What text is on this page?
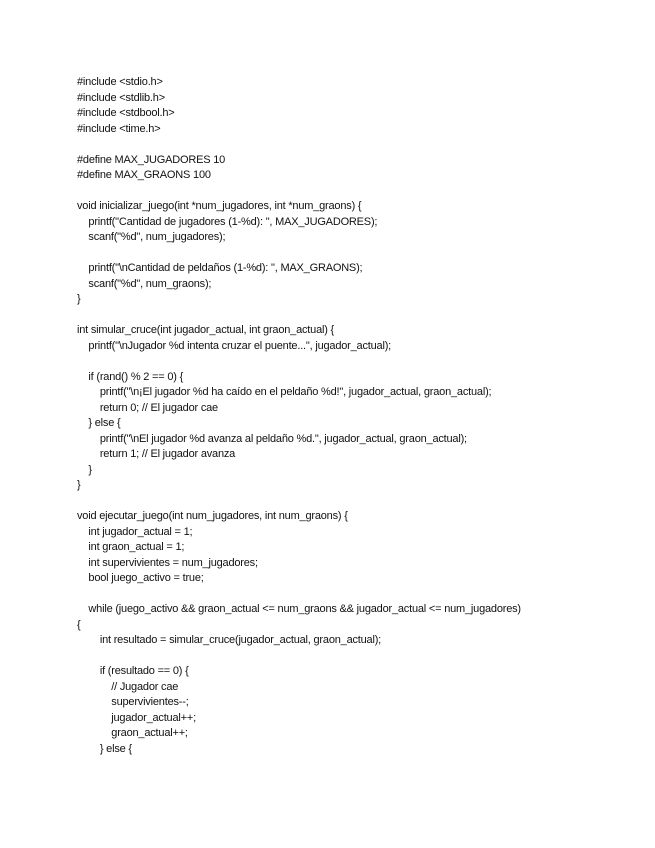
#include <stdio.h>
#include <stdlib.h>
#include <stdbool.h>
#include <time.h>
#define MAX_JUGADORES 10
#define MAX_GRAONS 100
void inicializar_juego(int *num_jugadores, int *num_graons) {
printf("Cantidad de jugadores (1-%d): ", MAX_JUGADORES);
scanf("%d", num_jugadores);
printf("\nCantidad de peldaños (1-%d): ", MAX_GRAONS);
scanf("%d", num_graons);
}
int simular_cruce(int jugador_actual, int graon_actual) {
printf("\nJugador %d intenta cruzar el puente...", jugador_actual);
if (rand() % 2 == 0) {
printf("\n¡El jugador %d ha caído en el peldaño %d!", jugador_actual, graon_actual);
return 0; // El jugador cae
} else {
printf("\nEl jugador %d avanza al peldaño %d.", jugador_actual, graon_actual);
return 1; // El jugador avanza
}
}
void ejecutar_juego(int num_jugadores, int num_graons) {
int jugador_actual = 1;
int graon_actual = 1;
int supervivientes = num_jugadores;
bool juego_activo = true;
while (juego_activo && graon_actual <= num_graons && jugador_actual <= num_jugadores)
{
int resultado = simular_cruce(jugador_actual, graon_actual);
if (resultado == 0) {
// Jugador cae
supervivientes--;
jugador_actual++;
graon_actual++;
} else {
